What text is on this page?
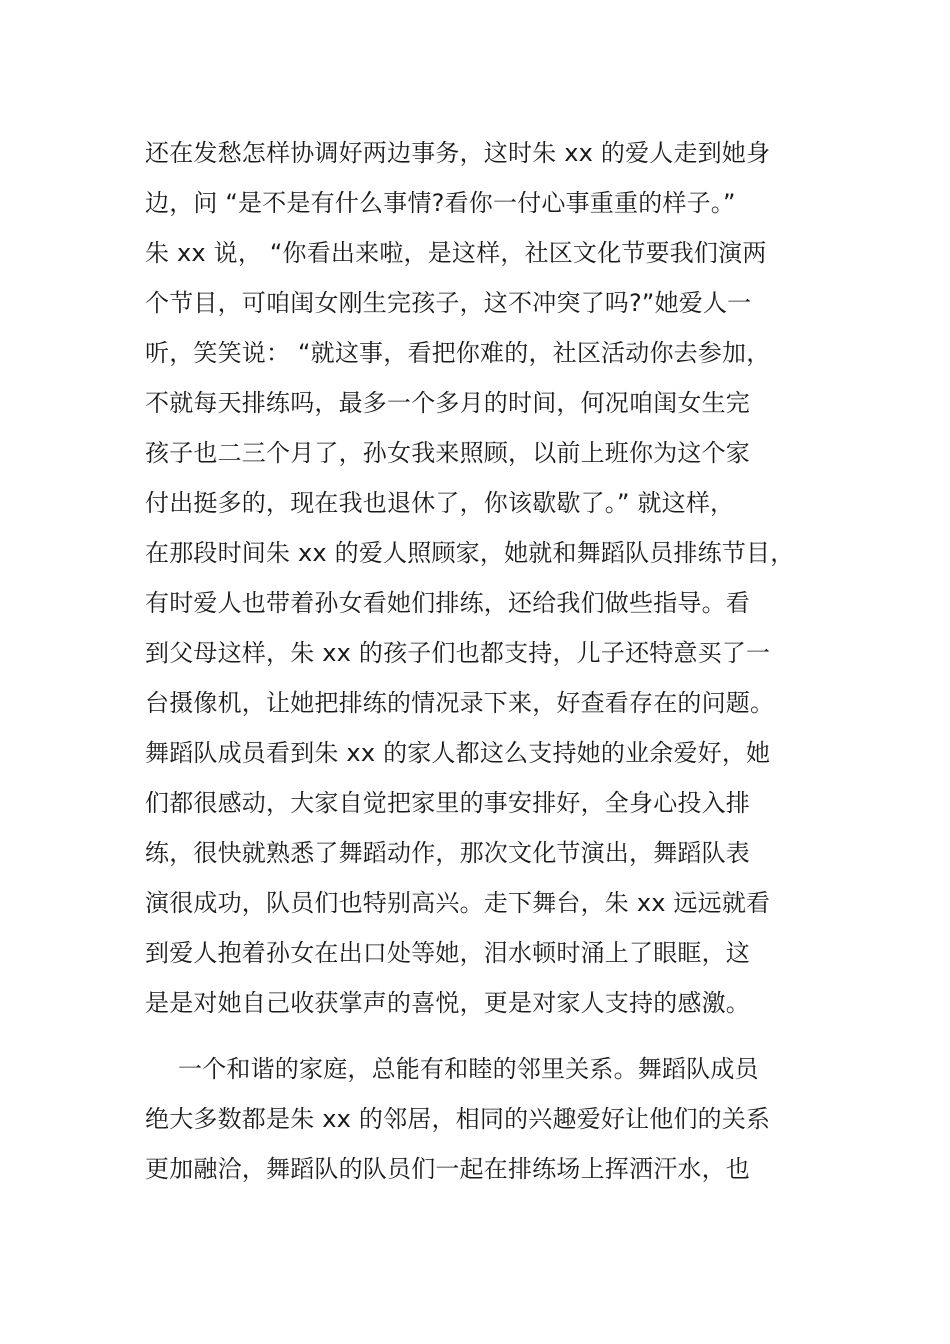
还在发愁怎样协调好两边事务，这时朱 xx 的爱人走到她身
边，问 “是不是有什么事情?看你一付心事重重的样子。”
朱 xx 说， “你看出来啦，是这样，社区文化节要我们演两
个节目，可咱闺女刚生完孩子，这不冲突了吗?”她爱人一
听，笑笑说： “就这事，看把你难的，社区活动你去参加，
不就每天排练吗，最多一个多月的时间，何况咱闺女生完
孩子也二三个月了，孙女我来照顾，以前上班你为这个家
付出挺多的，现在我也退休了，你该歇歇了。” 就这样，
在那段时间朱 xx 的爱人照顾家，她就和舞蹈队员排练节目，
有时爱人也带着孙女看她们排练，还给我们做些指导。看
到父母这样，朱 xx 的孩子们也都支持，儿子还特意买了一
台摄像机，让她把排练的情况录下来，好查看存在的问题。
舞蹈队成员看到朱 xx 的家人都这么支持她的业余爱好，她
们都很感动，大家自觉把家里的事安排好，全身心投入排
练，很快就熟悉了舞蹈动作，那次文化节演出，舞蹈队表
演很成功，队员们也特别高兴。走下舞台，朱 xx 远远就看
到爱人抱着孙女在出口处等她，泪水顿时涌上了眼眶，这
是是对她自己收获掌声的喜悦，更是对家人支持的感激。
一个和谐的家庭，总能有和睦的邻里关系。舞蹈队成员
绝大多数都是朱 xx 的邻居，相同的兴趣爱好让他们的关系
更加融洽，舞蹈队的队员们一起在排练场上挥洒汗水，也
